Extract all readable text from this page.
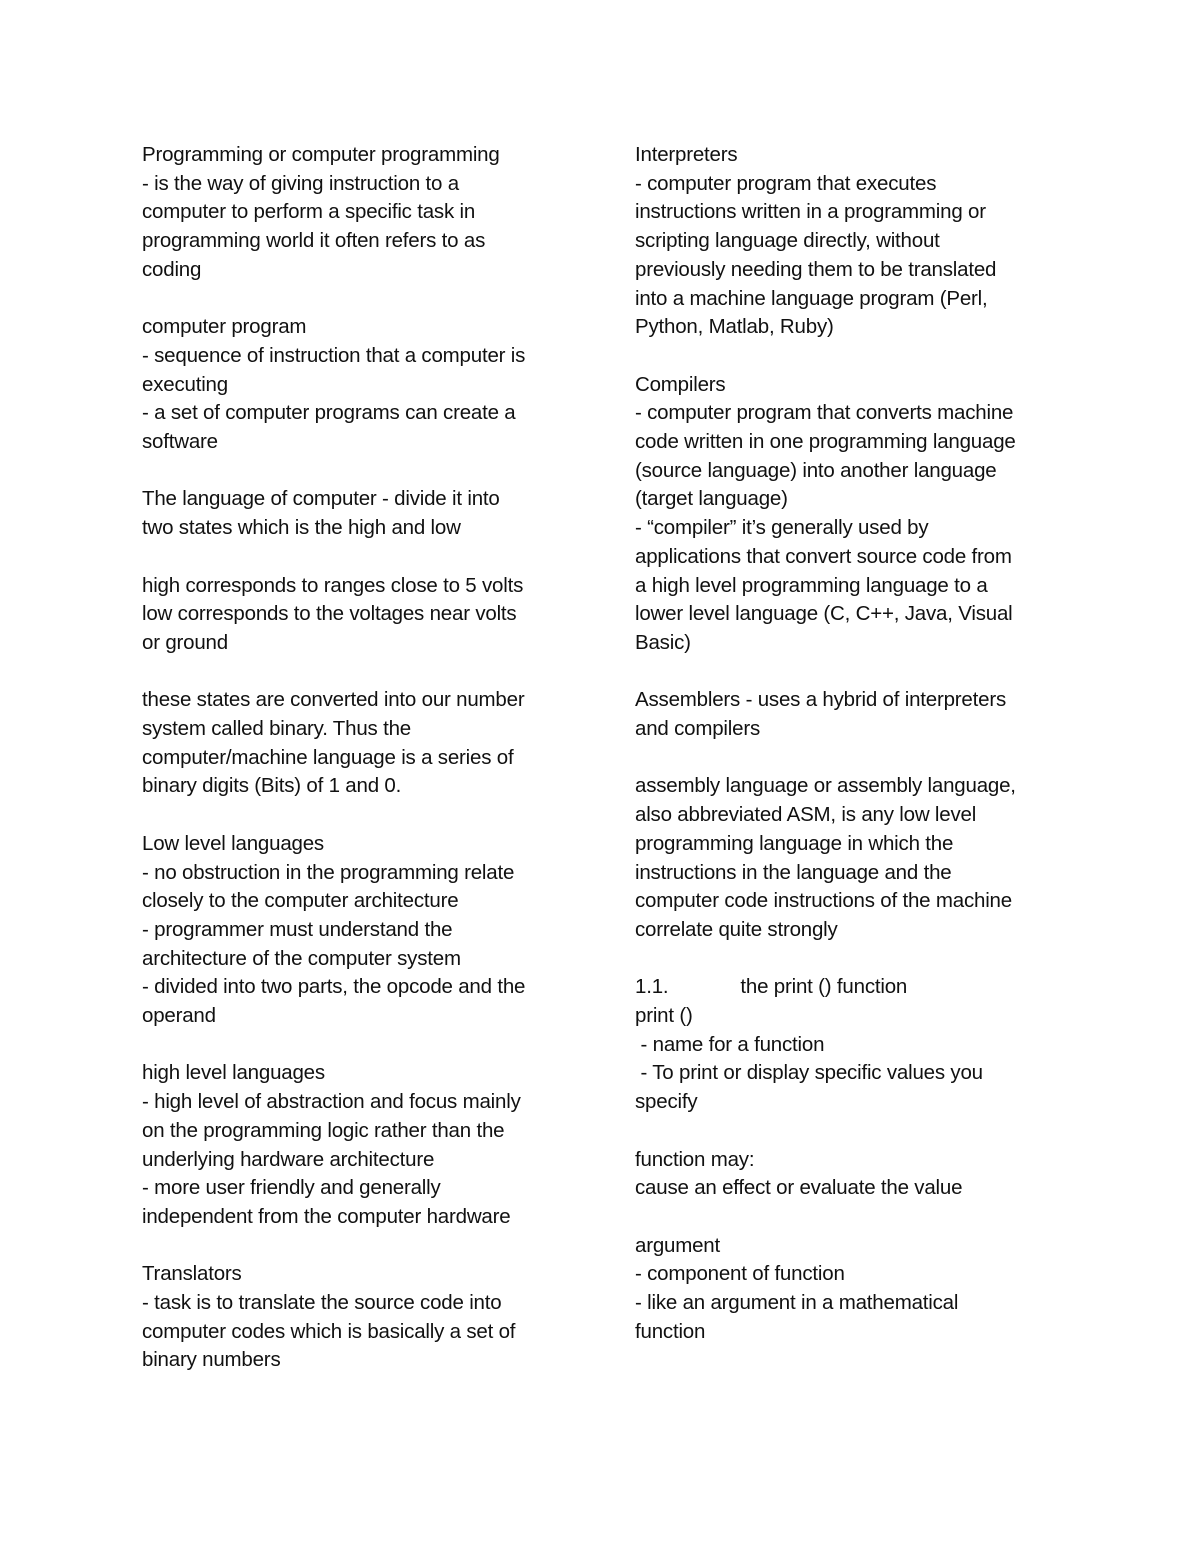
Programming or computer programming
- is the way of giving instruction to a
computer to perform a specific task in
programming world it often refers to as
coding
computer program
- sequence of instruction that a computer is
executing
- a set of computer programs can create a
software
The language of computer - divide it into
two states which is the high and low
high corresponds to ranges close to 5 volts
low corresponds to the voltages near volts
or ground
these states are converted into our number
system called binary. Thus the
computer/machine language is a series of
binary digits (Bits) of 1 and 0.
Low level languages
- no obstruction in the programming relate
closely to the computer architecture
- programmer must understand the
architecture of the computer system
- divided into two parts, the opcode and the
operand
high level languages
- high level of abstraction and focus mainly
on the programming logic rather than the
underlying hardware architecture
- more user friendly and generally
independent from the computer hardware
Translators
- task is to translate the source code into
computer codes which is basically a set of
binary numbers
Interpreters
- computer program that executes
instructions written in a programming or
scripting language directly, without
previously needing them to be translated
into a machine language program (Perl,
Python, Matlab, Ruby)
Compilers
- computer program that converts machine
code written in one programming language
(source language) into another language
(target language)
- “compiler” it’s generally used by
applications that convert source code from
a high level programming language to a
lower level language (C, C++, Java, Visual
Basic)
Assemblers - uses a hybrid of interpreters
and compilers
assembly language or assembly language,
also abbreviated ASM, is any low level
programming language in which the
instructions in the language and the
computer code instructions of the machine
correlate quite strongly
1.1.	the print () function
print ()
- name for a function
- To print or display specific values you
specify
function may:
cause an effect or evaluate the value
argument
- component of function
- like an argument in a mathematical
function
